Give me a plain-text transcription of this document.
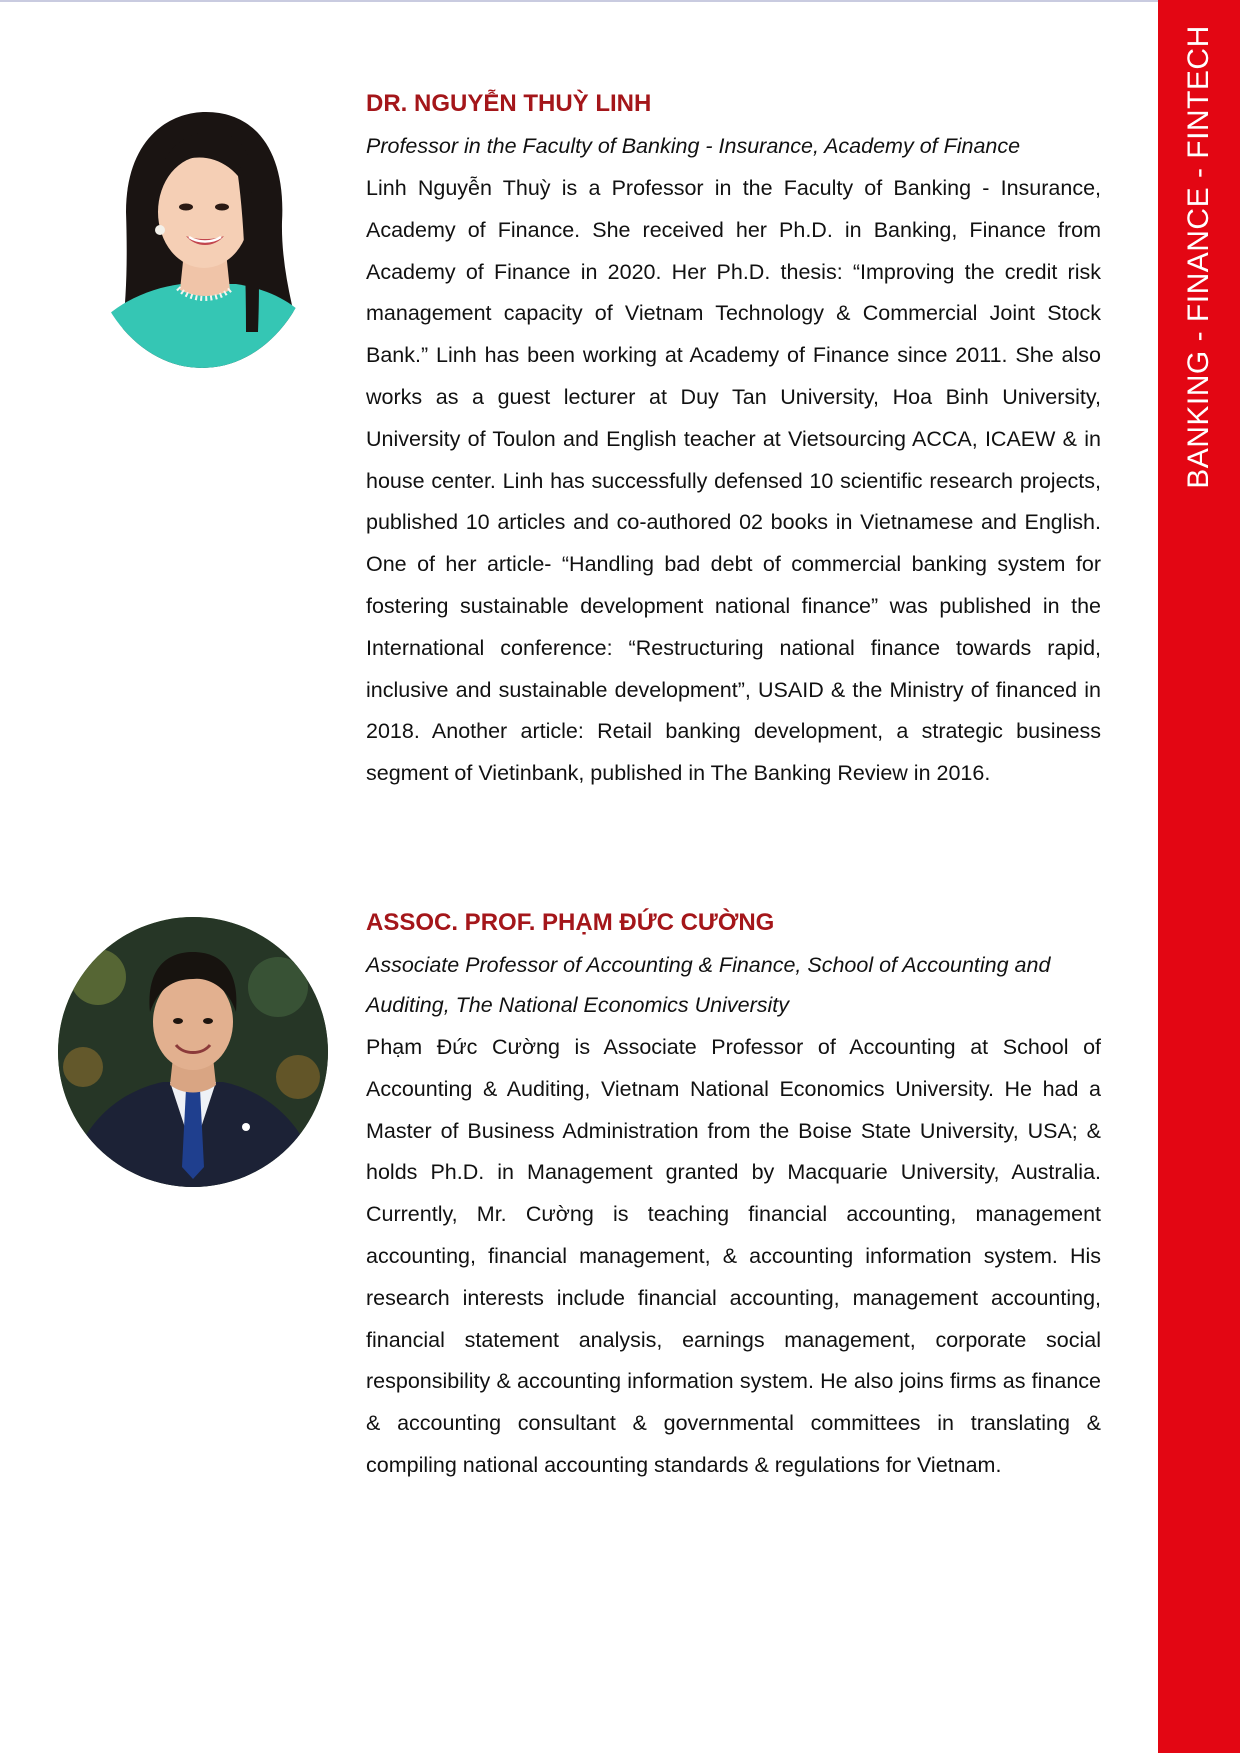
BANKING - FINANCE - FINTECH
DR. NGUYỄN THUỲ LINH

Professor in the Faculty of Banking - Insurance, Academy of Finance

Linh Nguyễn Thuỳ is a Professor in the Faculty of Banking - Insurance, Academy of Finance. She received her Ph.D. in Banking, Finance from Academy of Finance in 2020. Her Ph.D. thesis: “Improving the credit risk management capacity of Vietnam Technology & Commercial Joint Stock Bank.” Linh has been working at Academy of Finance since 2011. She also works as a guest lecturer at Duy Tan University, Hoa Binh University, University of Toulon and English teacher at Vietsourcing ACCA, ICAEW & in house center. Linh has successfully defensed 10 scientific research projects, published 10 articles and co-authored 02 books in Vietnamese and English. One of her article- “Handling bad debt of commercial banking system for fostering sustainable development national finance” was published in the International conference: “Restructuring national finance towards rapid, inclusive and sustainable development”, USAID & the Ministry of financed in 2018. Another article: Retail banking development, a strategic business segment of Vietinbank, published in The Banking Review in 2016.

ASSOC. PROF. PHẠM ĐỨC CƯỜNG

Associate Professor of Accounting & Finance, School of Accounting and Auditing, The National Economics University

Phạm Đức Cường is Associate Professor of Accounting at School of Accounting & Auditing, Vietnam National Economics University. He had a Master of Business Administration from the Boise State University, USA; & holds Ph.D. in Management granted by Macquarie University, Australia. Currently, Mr. Cường is teaching financial accounting, management accounting, financial management, & accounting information system. His research interests include financial accounting, management accounting, financial statement analysis, earnings management, corporate social responsibility & accounting information system. He also joins firms as finance & accounting consultant & governmental committees in translating & compiling national accounting standards & regulations for Vietnam.
